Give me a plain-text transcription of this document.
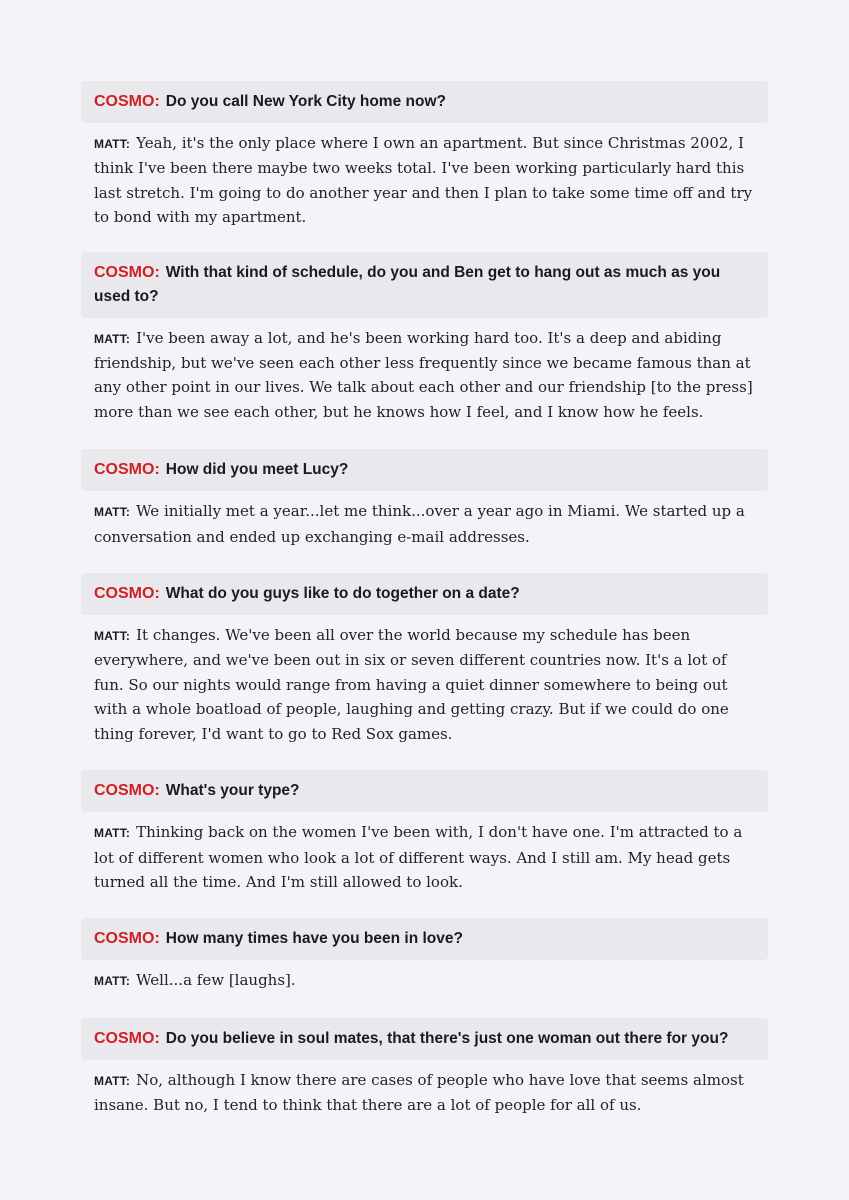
COSMO: Do you call New York City home now?
MATT: Yeah, it's the only place where I own an apartment. But since Christmas 2002, I think I've been there maybe two weeks total. I've been working particularly hard this last stretch. I'm going to do another year and then I plan to take some time off and try to bond with my apartment.
COSMO: With that kind of schedule, do you and Ben get to hang out as much as you used to?
MATT: I've been away a lot, and he's been working hard too. It's a deep and abiding friendship, but we've seen each other less frequently since we became famous than at any other point in our lives. We talk about each other and our friendship [to the press] more than we see each other, but he knows how I feel, and I know how he feels.
COSMO: How did you meet Lucy?
MATT: We initially met a year...let me think...over a year ago in Miami. We started up a conversation and ended up exchanging e-mail addresses.
COSMO: What do you guys like to do together on a date?
MATT: It changes. We've been all over the world because my schedule has been everywhere, and we've been out in six or seven different countries now. It's a lot of fun. So our nights would range from having a quiet dinner somewhere to being out with a whole boatload of people, laughing and getting crazy. But if we could do one thing forever, I'd want to go to Red Sox games.
COSMO: What's your type?
MATT: Thinking back on the women I've been with, I don't have one. I'm attracted to a lot of different women who look a lot of different ways. And I still am. My head gets turned all the time. And I'm still allowed to look.
COSMO: How many times have you been in love?
MATT: Well...a few [laughs].
COSMO: Do you believe in soul mates, that there's just one woman out there for you?
MATT: No, although I know there are cases of people who have love that seems almost insane. But no, I tend to think that there are a lot of people for all of us.
